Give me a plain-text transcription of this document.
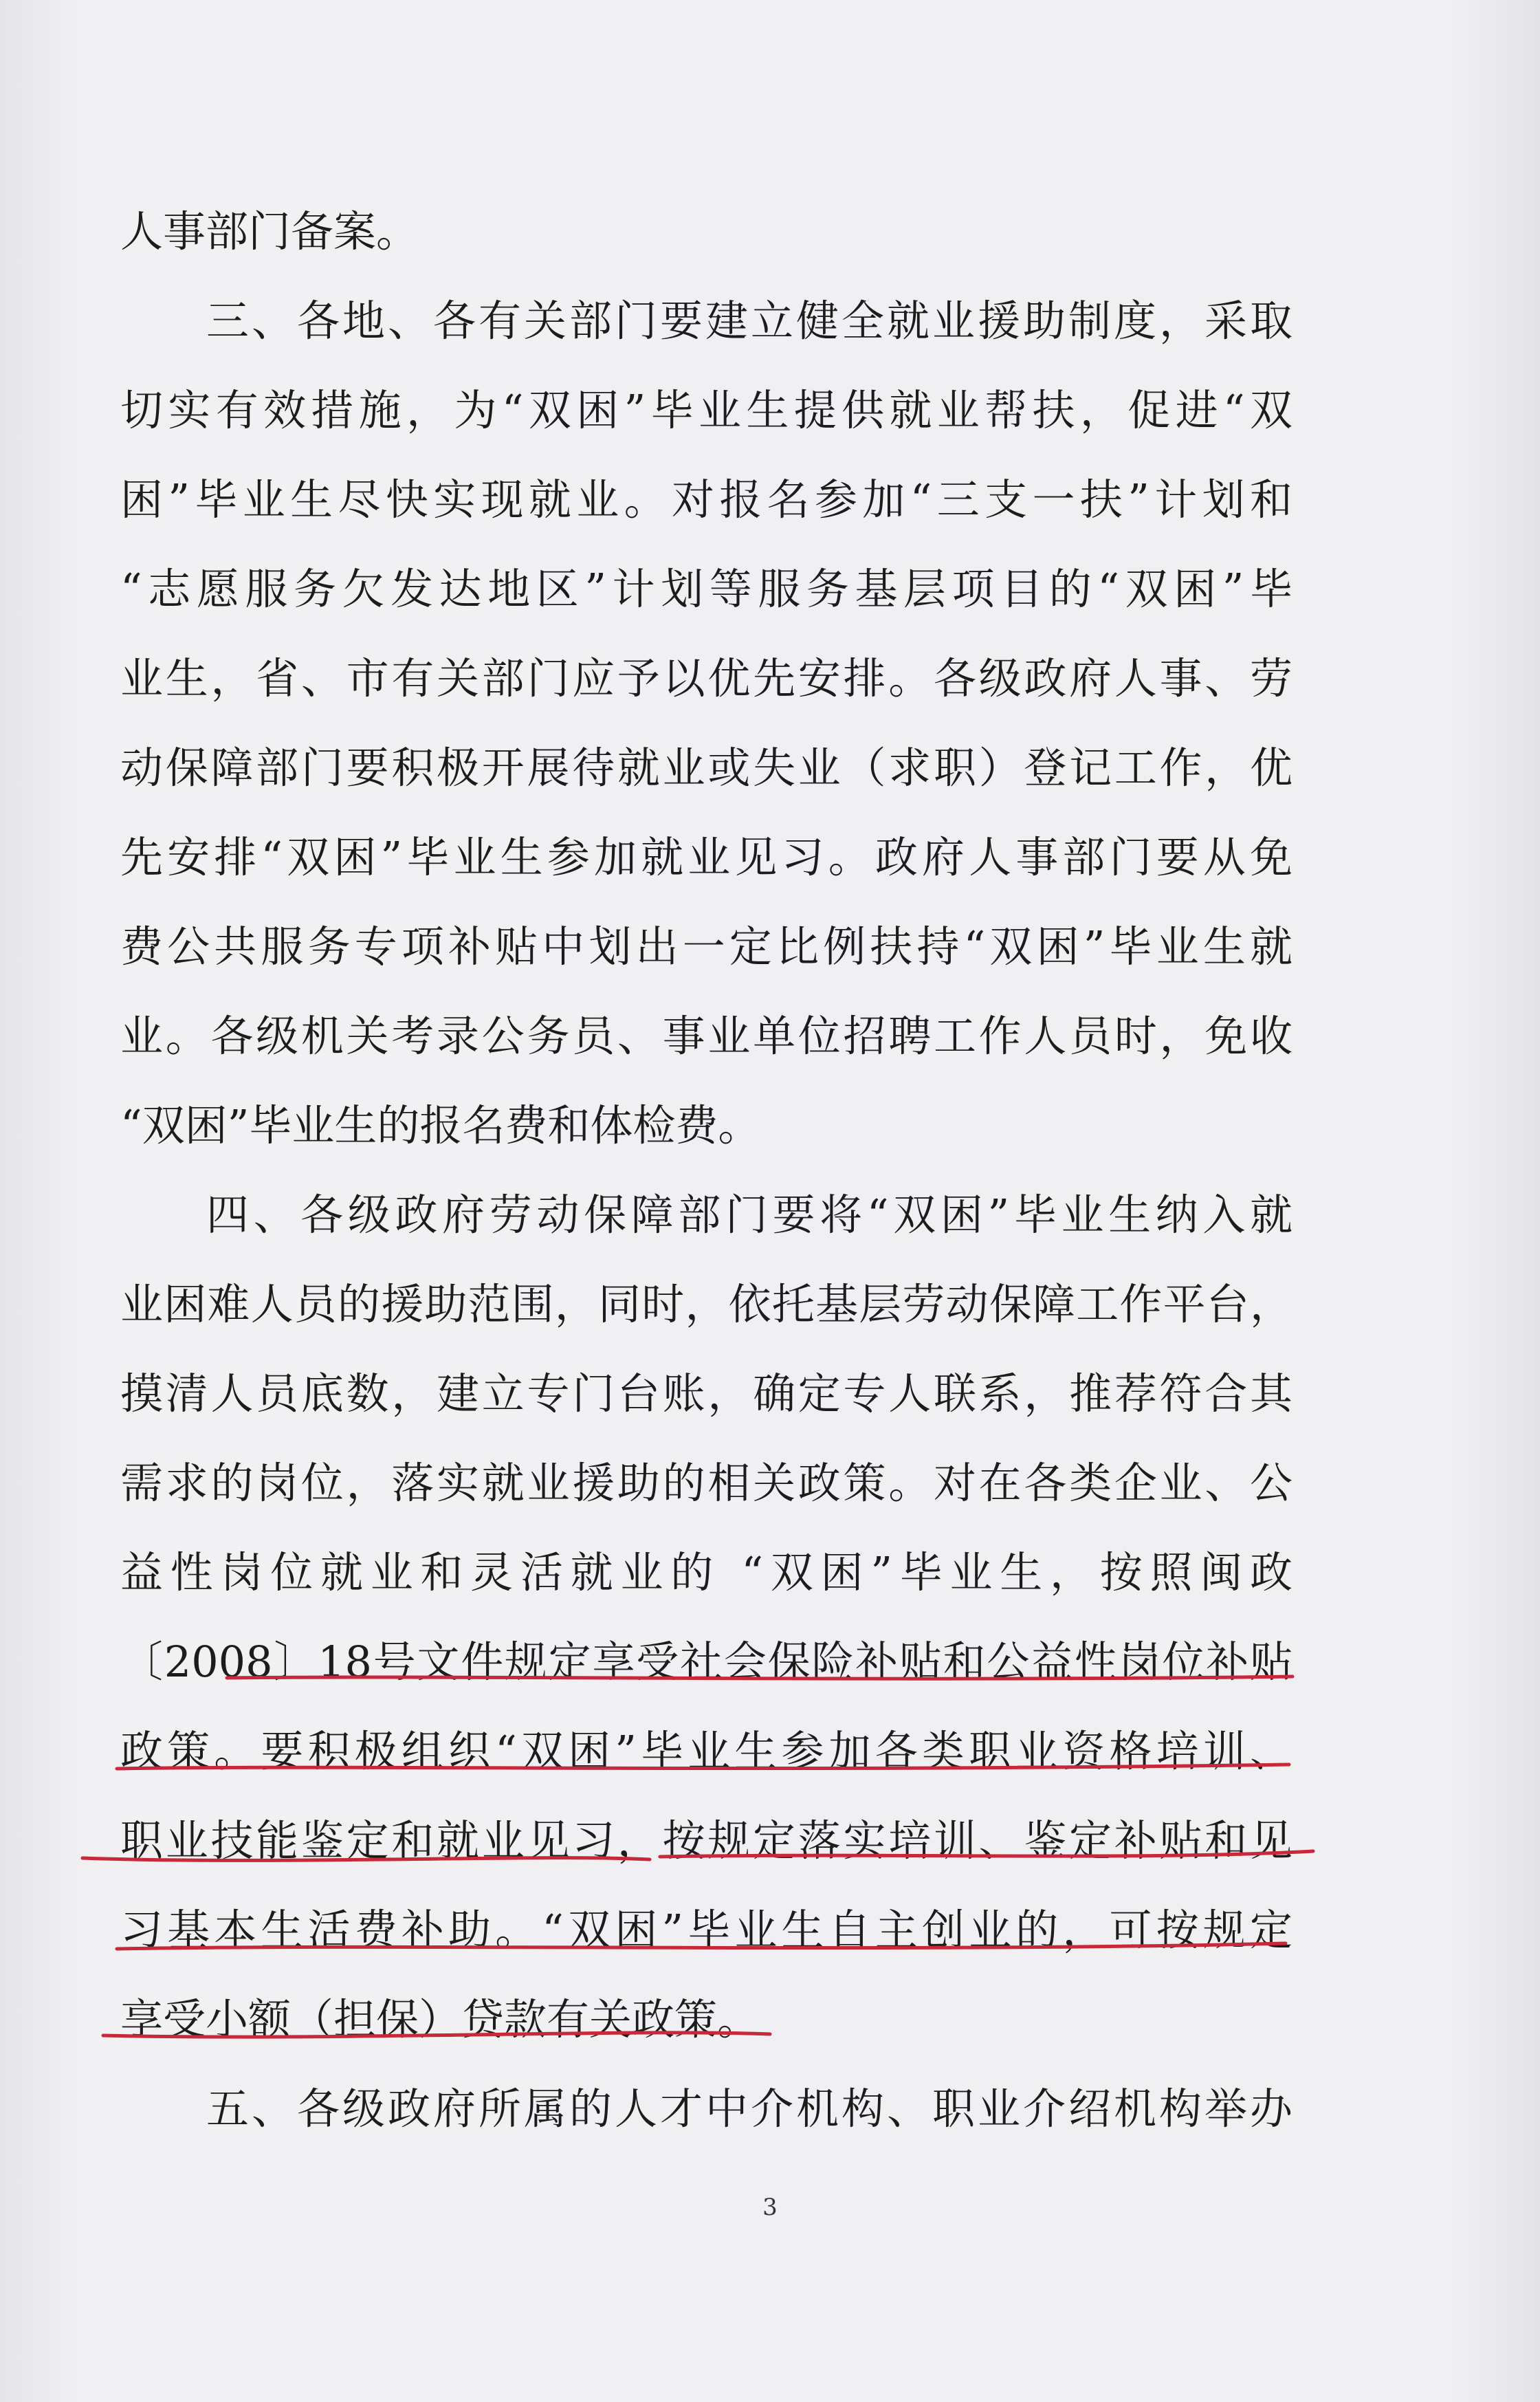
人事部门备案。
三、各地、各有关部门要建立健全就业援助制度，采取
切实有效措施，为“双困”毕业生提供就业帮扶，促进“双
困”毕业生尽快实现就业。对报名参加“三支一扶”计划和
“志愿服务欠发达地区”计划等服务基层项目的“双困”毕
业生，省、市有关部门应予以优先安排。各级政府人事、劳
动保障部门要积极开展待就业或失业（求职）登记工作，优
先安排“双困”毕业生参加就业见习。政府人事部门要从免
费公共服务专项补贴中划出一定比例扶持“双困”毕业生就
业。各级机关考录公务员、事业单位招聘工作人员时，免收
“双困”毕业生的报名费和体检费。
四、各级政府劳动保障部门要将“双困”毕业生纳入就
业困难人员的援助范围，同时，依托基层劳动保障工作平台，
摸清人员底数，建立专门台账，确定专人联系，推荐符合其
需求的岗位，落实就业援助的相关政策。对在各类企业、公
益性岗位就业和灵活就业的 “双困”毕业生，按照闽政
〔2008〕18号文件规定享受社会保险补贴和公益性岗位补贴
政策。要积极组织“双困”毕业生参加各类职业资格培训、
职业技能鉴定和就业见习，按规定落实培训、鉴定补贴和见
习基本生活费补助。“双困”毕业生自主创业的，可按规定
享受小额（担保）贷款有关政策。
五、各级政府所属的人才中介机构、职业介绍机构举办
3
